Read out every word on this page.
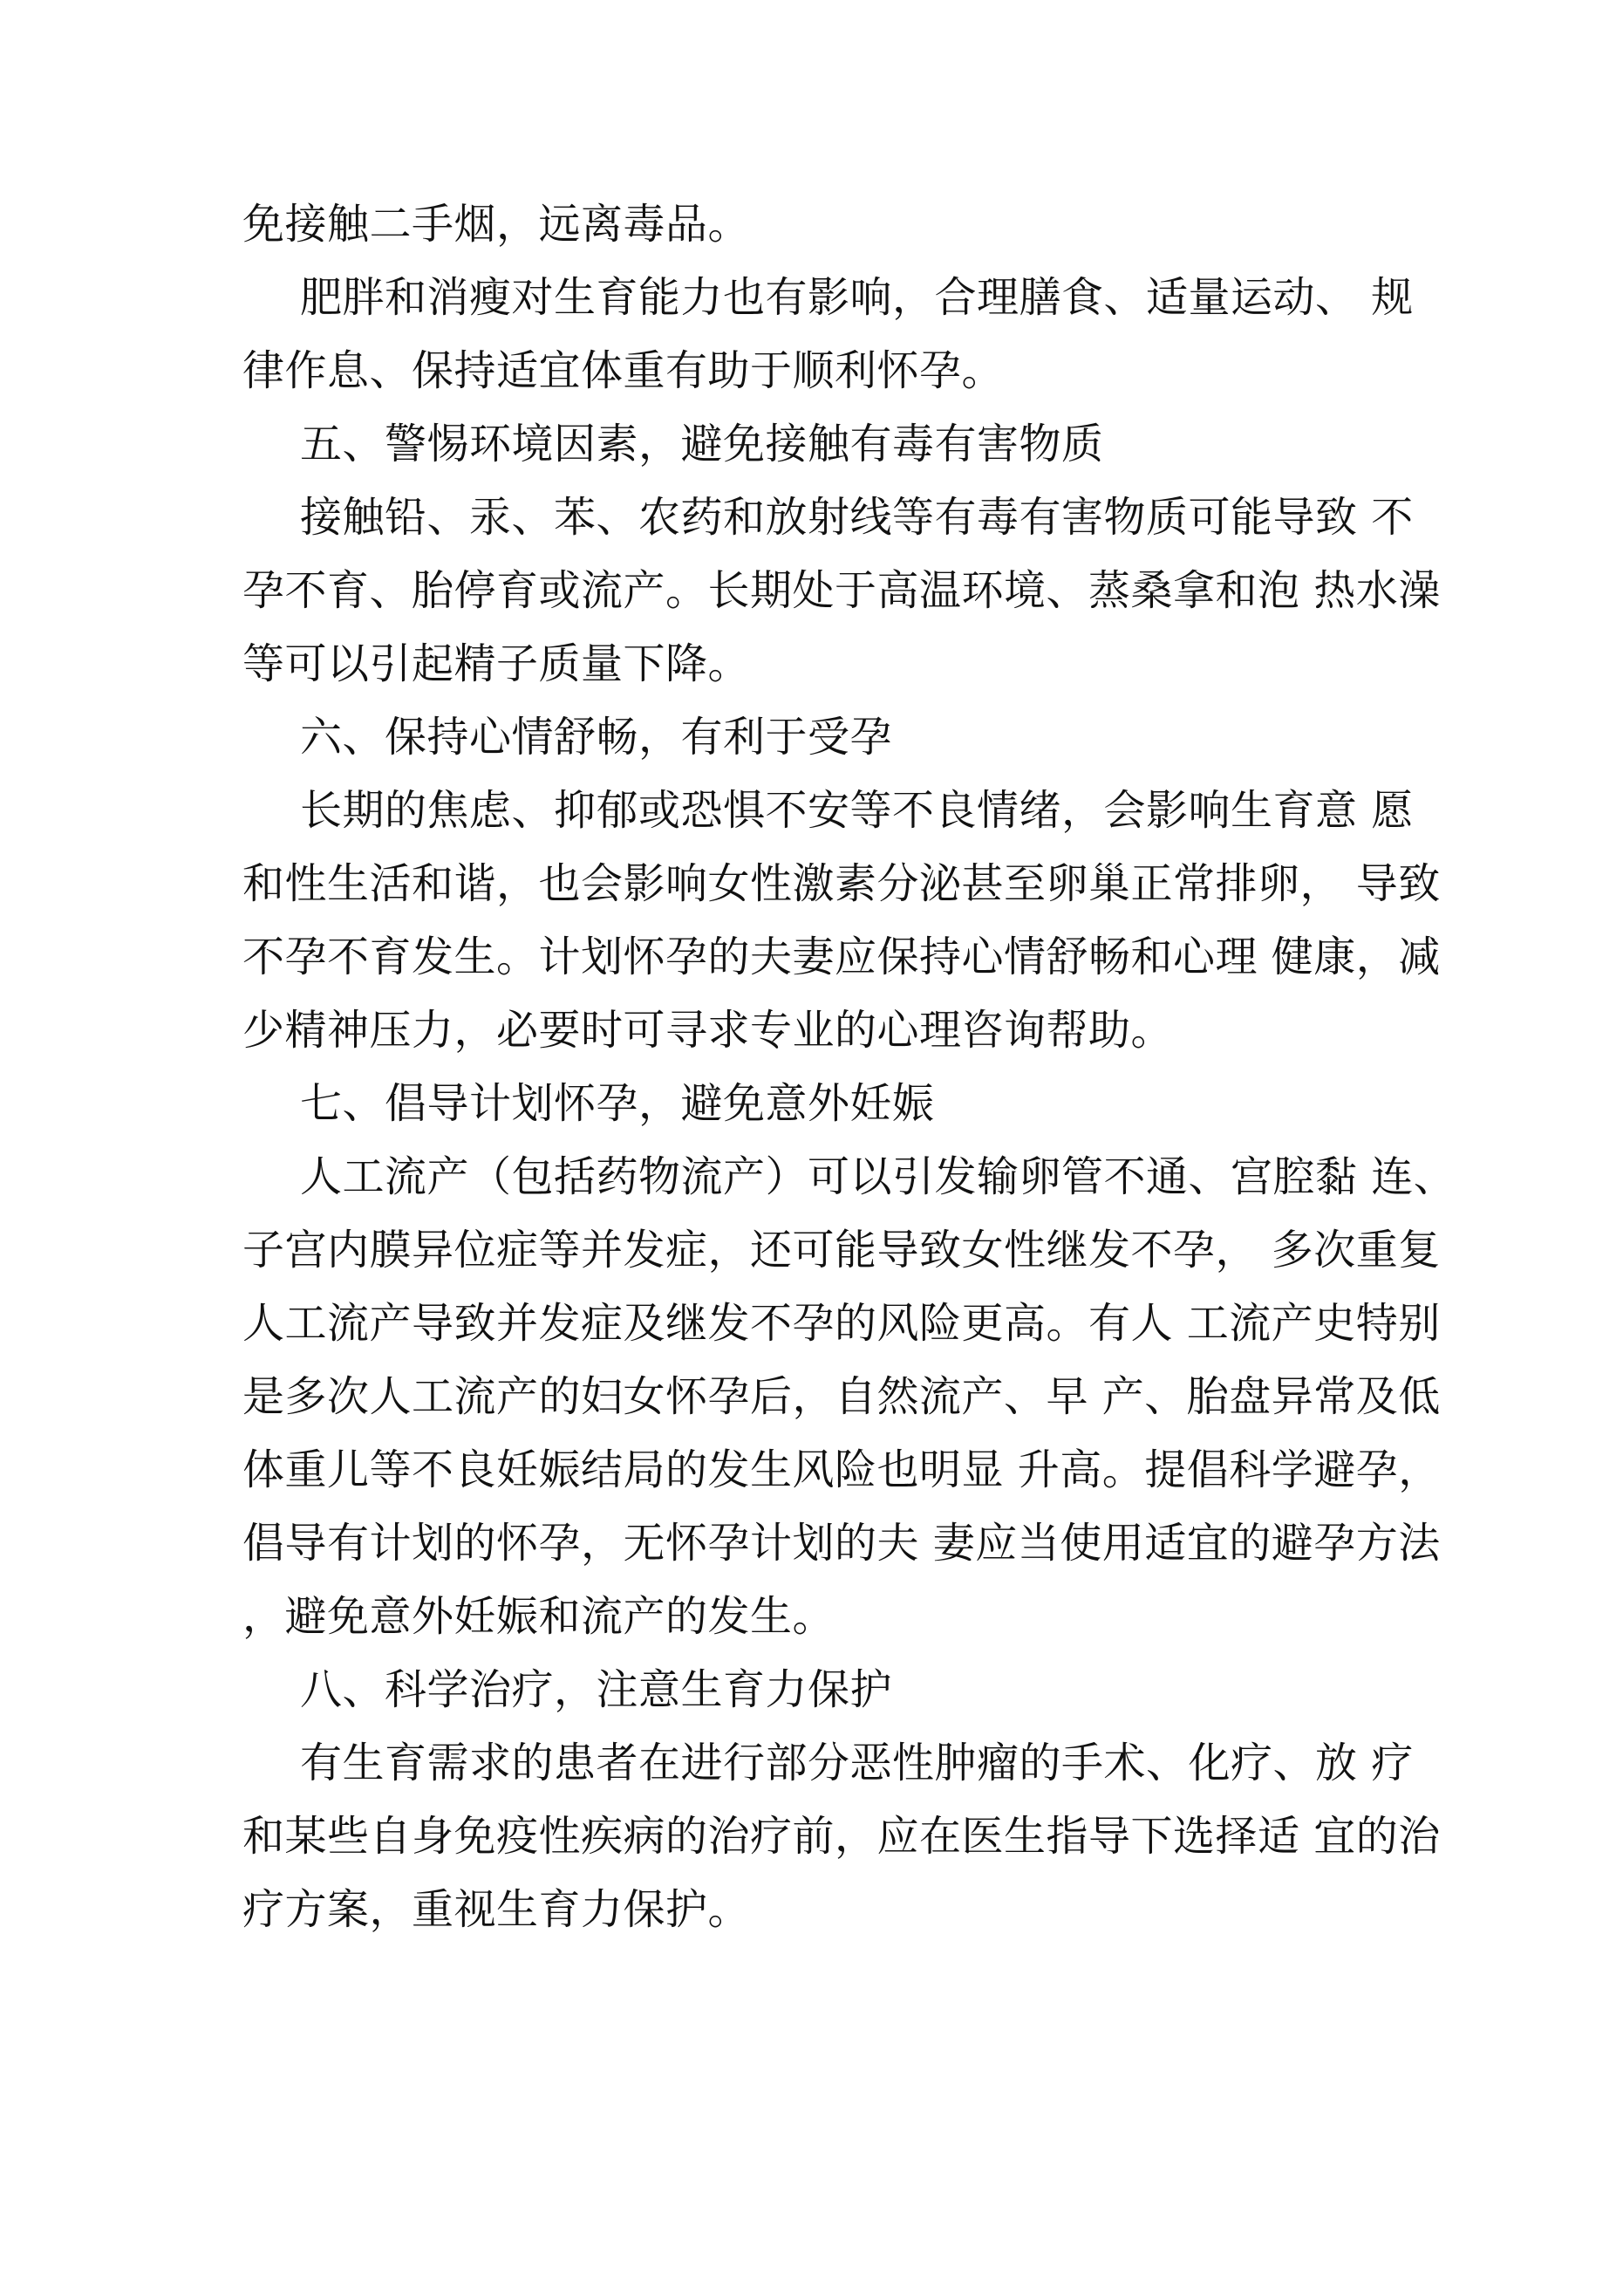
免接触二手烟，远离毒品。
肥胖和消瘦对生育能力也有影响，合理膳食、适量运动、 规
律作息、保持适宜体重有助于顺利怀孕。
五、警惕环境因素，避免接触有毒有害物质
接触铅、汞、苯、农药和放射线等有毒有害物质可能导致 不
孕不育、胎停育或流产。长期处于高温环境、蒸桑拿和泡 热水澡
等可以引起精子质量下降。
六、保持心情舒畅，有利于受孕
长期的焦虑、抑郁或恐惧不安等不良情绪，会影响生育意 愿
和性生活和谐，也会影响女性激素分泌甚至卵巢正常排卵， 导致
不孕不育发生。计划怀孕的夫妻应保持心情舒畅和心理 健康，减
少精神压力，必要时可寻求专业的心理咨询帮助。
七、倡导计划怀孕，避免意外妊娠
人工流产（包括药物流产）可以引发输卵管不通、宫腔黏 连、
子宫内膜异位症等并发症，还可能导致女性继发不孕， 多次重复
人工流产导致并发症及继发不孕的风险更高。有人 工流产史特别
是多次人工流产的妇女怀孕后，自然流产、早 产、胎盘异常及低
体重儿等不良妊娠结局的发生风险也明显 升高。提倡科学避孕，
倡导有计划的怀孕，无怀孕计划的夫 妻应当使用适宜的避孕方法
，避免意外妊娠和流产的发生。
八、科学治疗，注意生育力保护
有生育需求的患者在进行部分恶性肿瘤的手术、化疗、放 疗
和某些自身免疫性疾病的治疗前，应在医生指导下选择适 宜的治
疗方案，重视生育力保护。
